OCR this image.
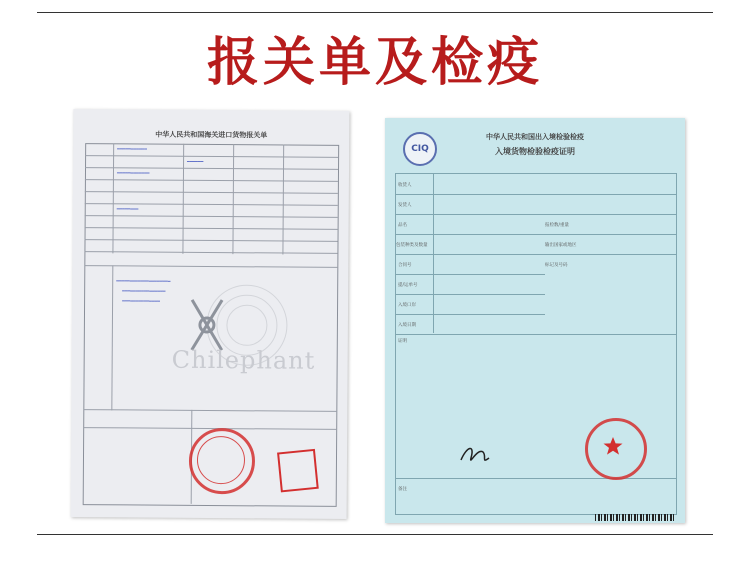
报关单及检疫
中华人民共和国海关进口货物报关单
━━━━━━━━━━━
━━━━━━
━━━━━━━━━━━━
━━━━━━━━
━━━━━━━━━━━━━━━━━━━━
━━━━━━━━━━━━━━━━
━━━━━━━━━━━━━━
Chilephant
CIQ
中华人民共和国出入境检验检疫
入境货物检验检疫证明
收货人
发货人
品名	报检数/重量
包装种类及数量	输出国家或地区
合同号	标记及号码
提/运单号
入境口岸
入境日期
证明
备注
